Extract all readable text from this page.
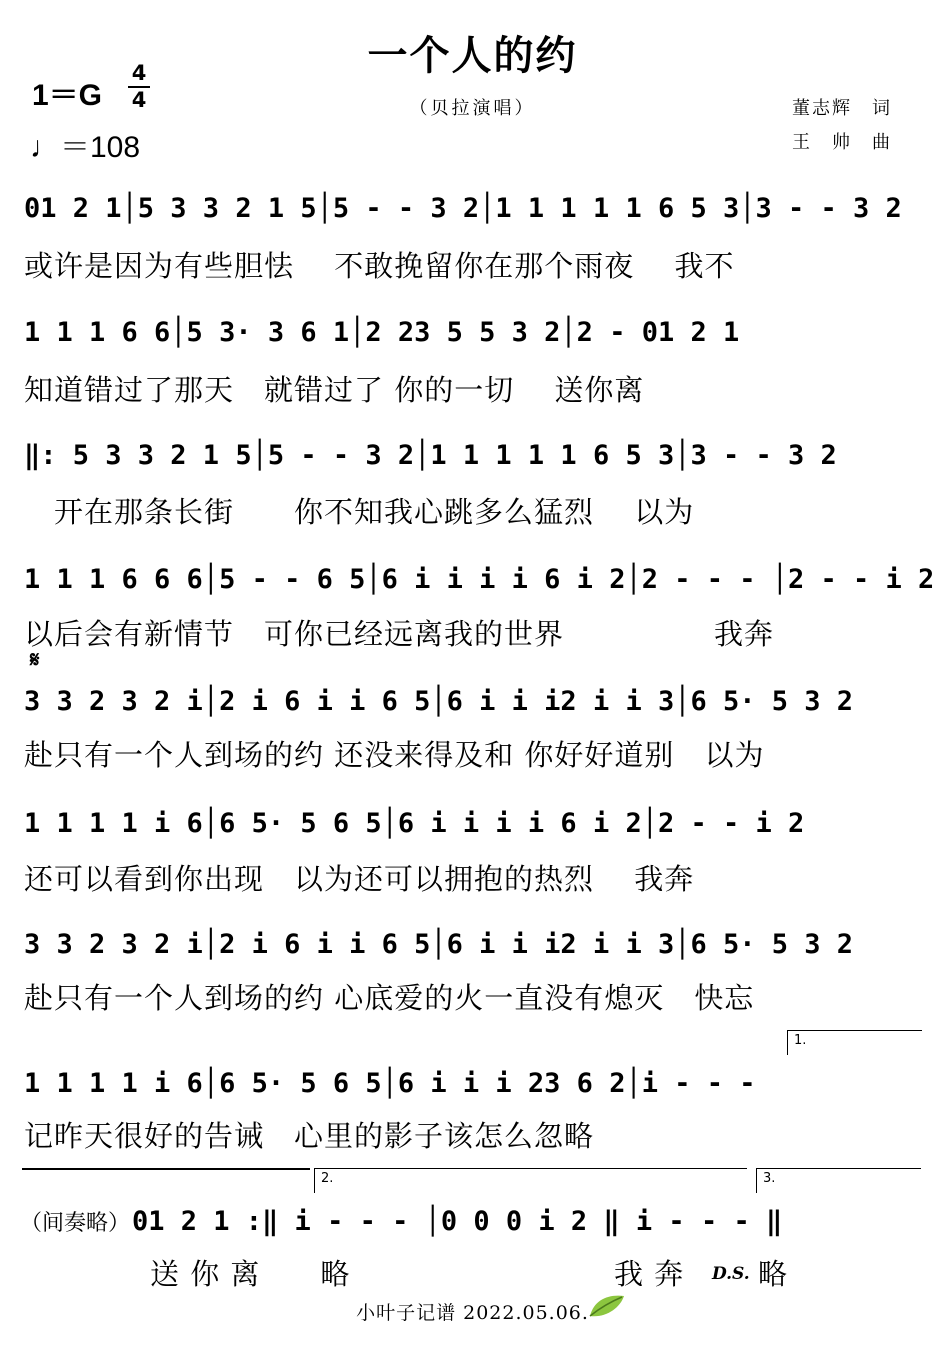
一个人的约
（贝拉演唱）
1＝G
4
4
♩＝108
董志辉　词
王　帅　曲
01 2 1│5 3 3 2 1 5│5 - - 3 2│1 1 1 1 1 6 5 3│3 - - 3 2
或许是因为有些胆怯　 不敢挽留你在那个雨夜　 我不
1 1 1 6 6│5 3· 3 6 1│2 23 5 5 3 2│2 - 01 2 1
知道错过了那天　就错过了 你的一切　 送你离
‖: 5 3 3 2 1 5│5 - - 3 2│1 1 1 1 1 6 5 3│3 - - 3 2
　开在那条长街　　你不知我心跳多么猛烈　 以为
1 1 1 6 6 6│5 - - 6 5│6 i i i i 6 i 2│2 - - - │2 - - i 2
以后会有新情节　可你已经远离我的世界　　　　　我奔
𝄋
3 3 2 3 2 i│2 i 6 i i 6 5│6 i i i2 i i 3│6 5· 5 3 2
赴只有一个人到场的约 还没来得及和 你好好道别　以为
1 1 1 1 i 6│6 5· 5 6 5│6 i i i i 6 i 2│2 - - i 2
还可以看到你出现　以为还可以拥抱的热烈　 我奔
3 3 2 3 2 i│2 i 6 i i 6 5│6 i i i2 i i 3│6 5· 5 3 2
赴只有一个人到场的约 心底爱的火一直没有熄灭　快忘
1.
1 1 1 1 i 6│6 5· 5 6 5│6 i i i 23 6 2│i - - -
记昨天很好的告诫　心里的影子该怎么忽略
2.	3.
（间奏略） 01 2 1 :‖ i - - - │0 0 0 i 2 ‖ i - - - ‖
送 你 离　　略	我 奔 D.S. 略
小叶子记谱 2022.05.06.
